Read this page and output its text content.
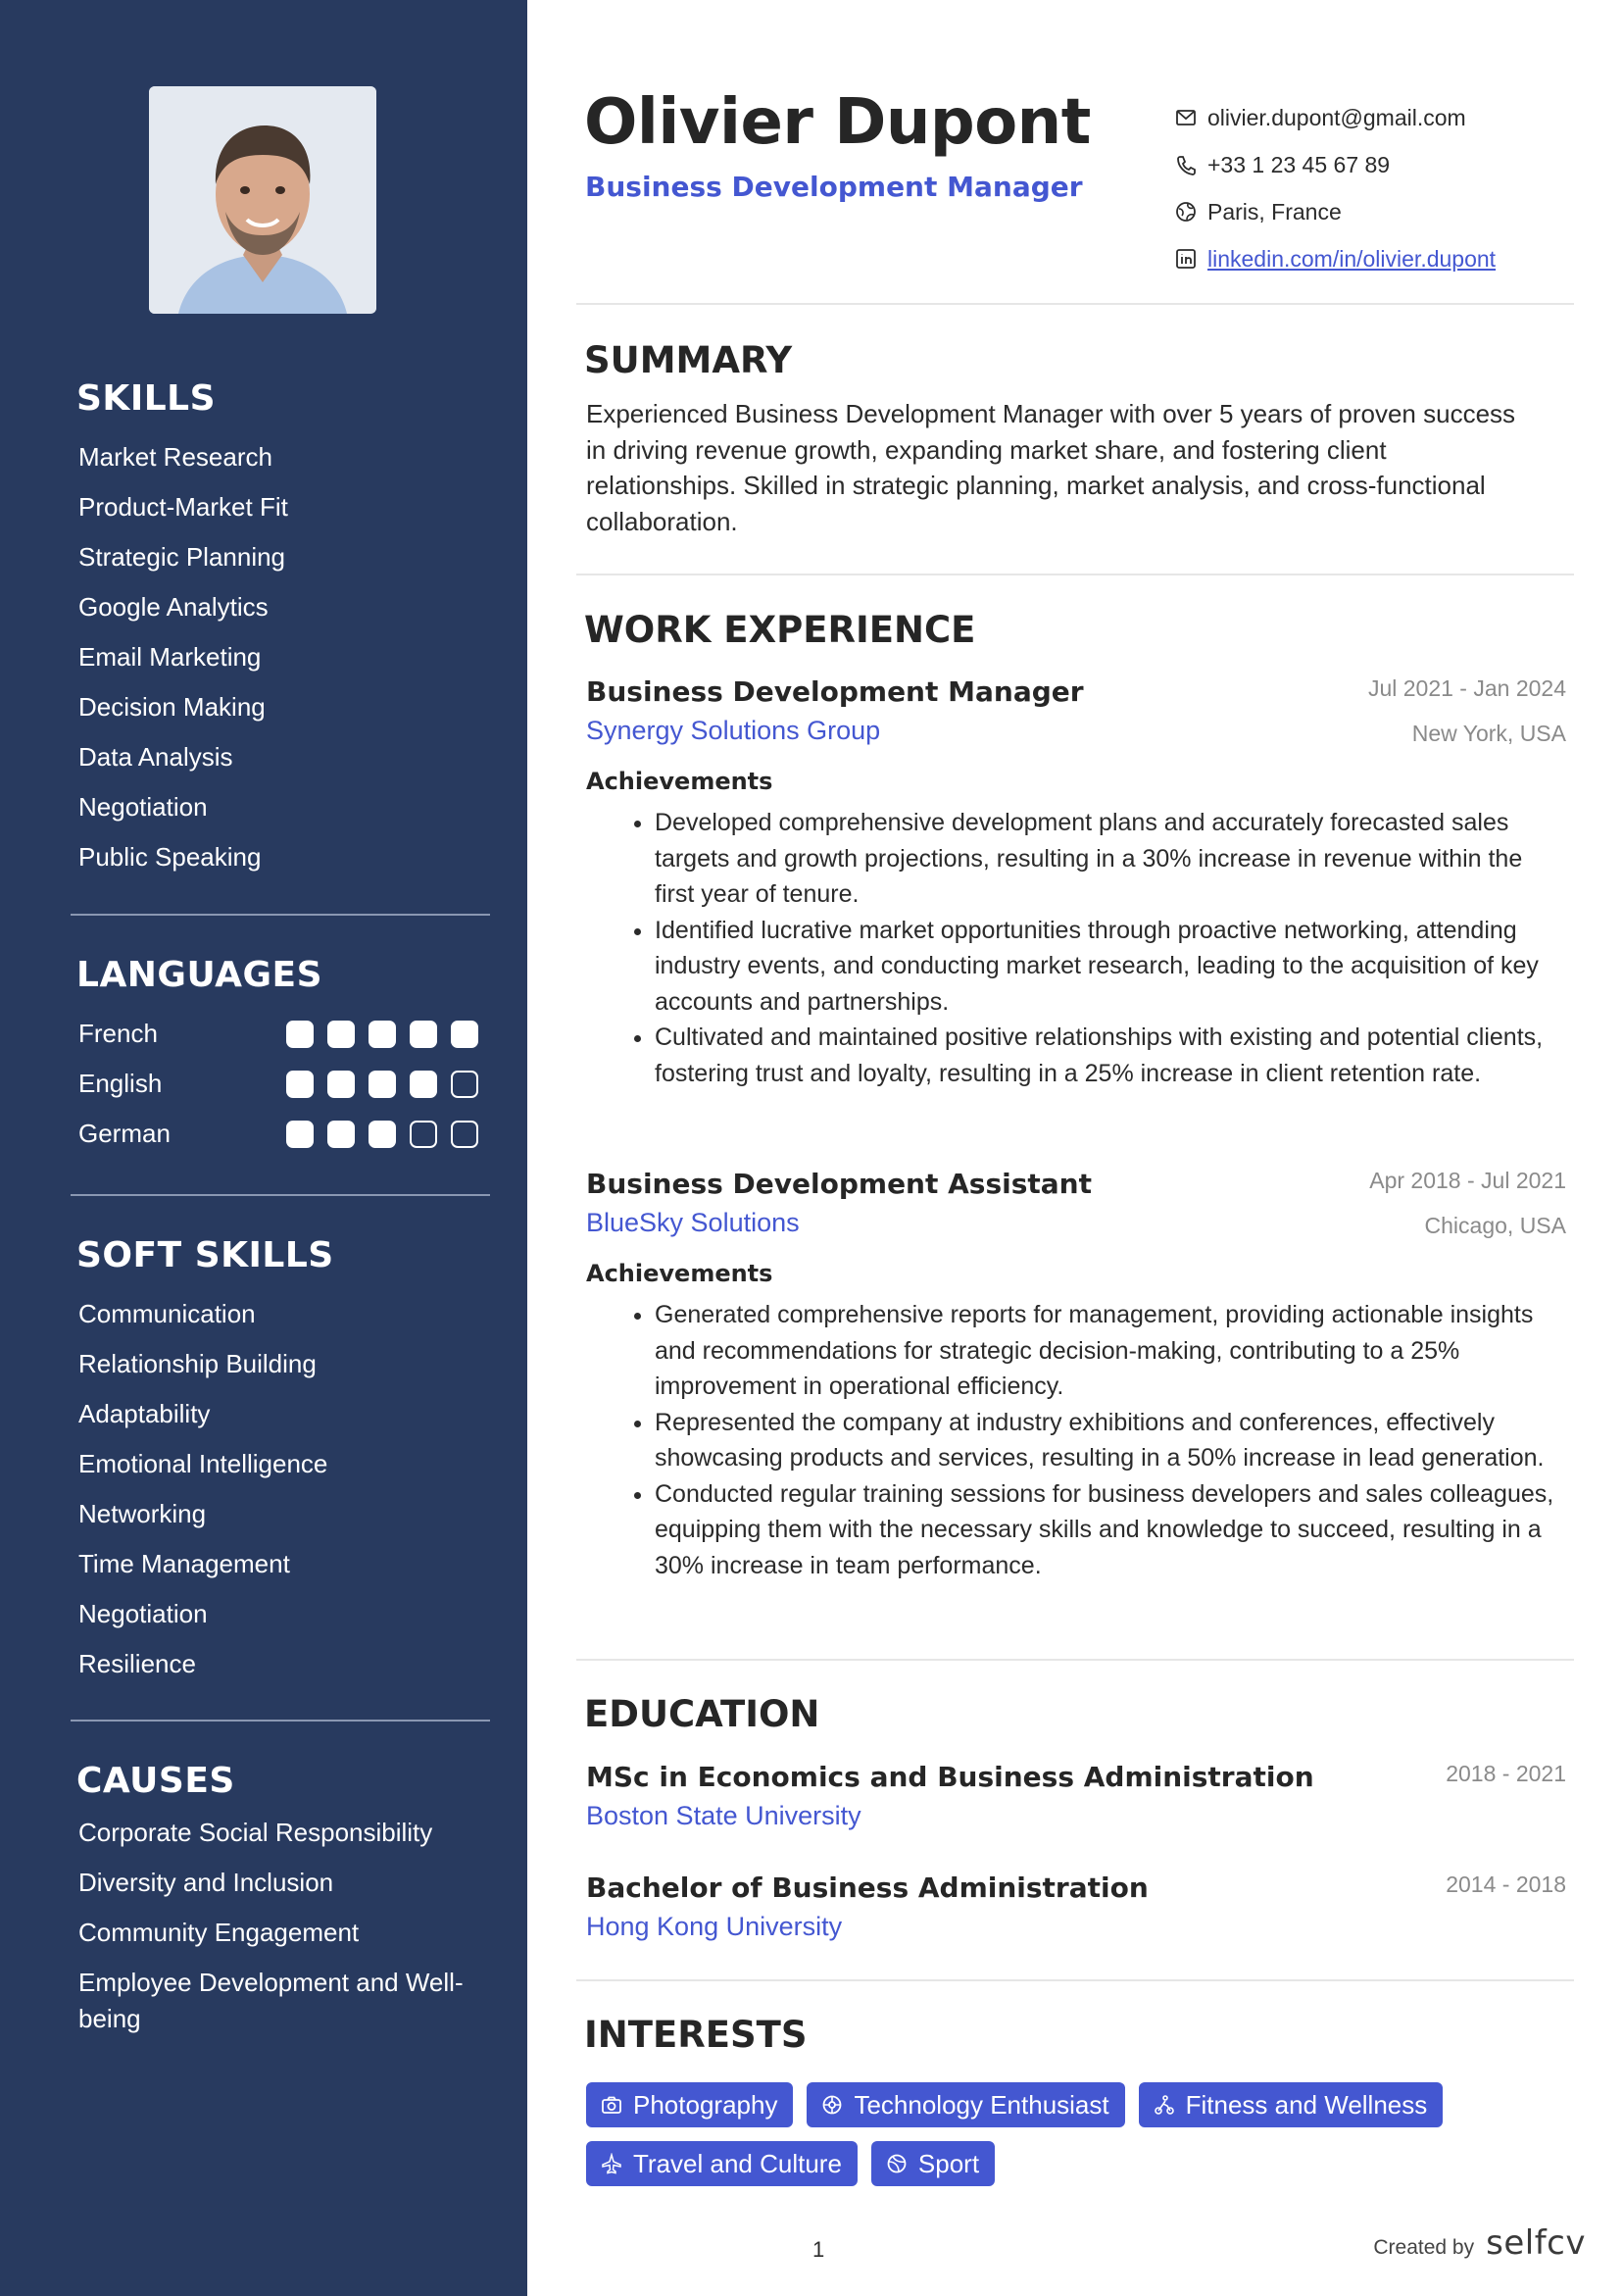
SKILLS
Market Research
Product-Market Fit
Strategic Planning
Google Analytics
Email Marketing
Decision Making
Data Analysis
Negotiation
Public Speaking
LANGUAGES
French
English
German
SOFT SKILLS
Communication
Relationship Building
Adaptability
Emotional Intelligence
Networking
Time Management
Negotiation
Resilience
CAUSES
Corporate Social Responsibility
Diversity and Inclusion
Community Engagement
Employee Development and Well-being
Olivier Dupont
Business Development Manager
olivier.dupont@gmail.com
+33 1 23 45 67 89
Paris, France
linkedin.com/in/olivier.dupont
SUMMARY
Experienced Business Development Manager with over 5 years of proven success in driving revenue growth, expanding market share, and fostering client relationships. Skilled in strategic planning, market analysis, and cross-functional collaboration.
WORK EXPERIENCE
Business Development Manager
Synergy Solutions Group
Jul 2021 - Jan 2024
New York, USA
Achievements
• Developed comprehensive development plans and accurately forecasted sales targets and growth projections, resulting in a 30% increase in revenue within the first year of tenure.
• Identified lucrative market opportunities through proactive networking, attending industry events, and conducting market research, leading to the acquisition of key accounts and partnerships.
• Cultivated and maintained positive relationships with existing and potential clients, fostering trust and loyalty, resulting in a 25% increase in client retention rate.
Business Development Assistant
BlueSky Solutions
Apr 2018 - Jul 2021
Chicago, USA
Achievements
• Generated comprehensive reports for management, providing actionable insights and recommendations for strategic decision-making, contributing to a 25% improvement in operational efficiency.
• Represented the company at industry exhibitions and conferences, effectively showcasing products and services, resulting in a 50% increase in lead generation.
• Conducted regular training sessions for business developers and sales colleagues, equipping them with the necessary skills and knowledge to succeed, resulting in a 30% increase in team performance.
EDUCATION
MSc in Economics and Business Administration
Boston State University
2018 - 2021
Bachelor of Business Administration
Hong Kong University
2014 - 2018
INTERESTS
Photography	Technology Enthusiast	Fitness and Wellness
Travel and Culture	Sport
1	Created by selfcv
